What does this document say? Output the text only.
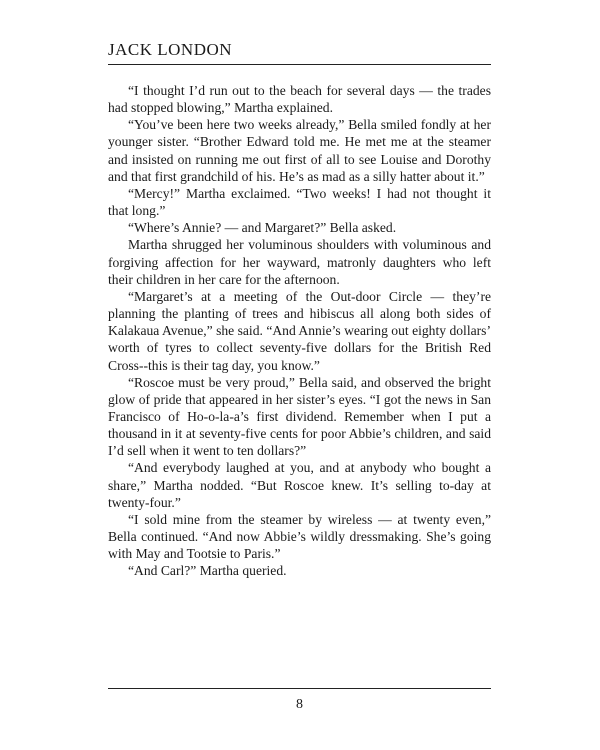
JACK LONDON

“I thought I’d run out to the beach for several days — the trades had stopped blowing,” Martha explained.

“You’ve been here two weeks already,” Bella smiled fondly at her younger sister. “Brother Edward told me. He met me at the steamer and insisted on running me out first of all to see Louise and Dorothy and that first grandchild of his. He’s as mad as a silly hatter about it.”

“Mercy!” Martha exclaimed. “Two weeks! I had not thought it that long.”

“Where’s Annie? — and Margaret?” Bella asked.

Martha shrugged her voluminous shoulders with voluminous and forgiving affection for her wayward, matronly daughters who left their children in her care for the afternoon.

“Margaret’s at a meeting of the Out-door Circle — they’re planning the planting of trees and hibiscus all along both sides of Kalakaua Avenue,” she said. “And Annie’s wearing out eighty dollars’ worth of tyres to collect seventy-five dollars for the British Red Cross--this is their tag day, you know.”

“Roscoe must be very proud,” Bella said, and observed the bright glow of pride that appeared in her sister’s eyes. “I got the news in San Francisco of Ho-o-la-a’s first dividend. Remember when I put a thousand in it at seventy-five cents for poor Abbie’s children, and said I’d sell when it went to ten dollars?”

“And everybody laughed at you, and at anybody who bought a share,” Martha nodded. “But Roscoe knew. It’s selling to-day at twenty-four.”

“I sold mine from the steamer by wireless — at twenty even,” Bella continued. “And now Abbie’s wildly dressmaking. She’s going with May and Tootsie to Paris.”

“And Carl?” Martha queried.

8
